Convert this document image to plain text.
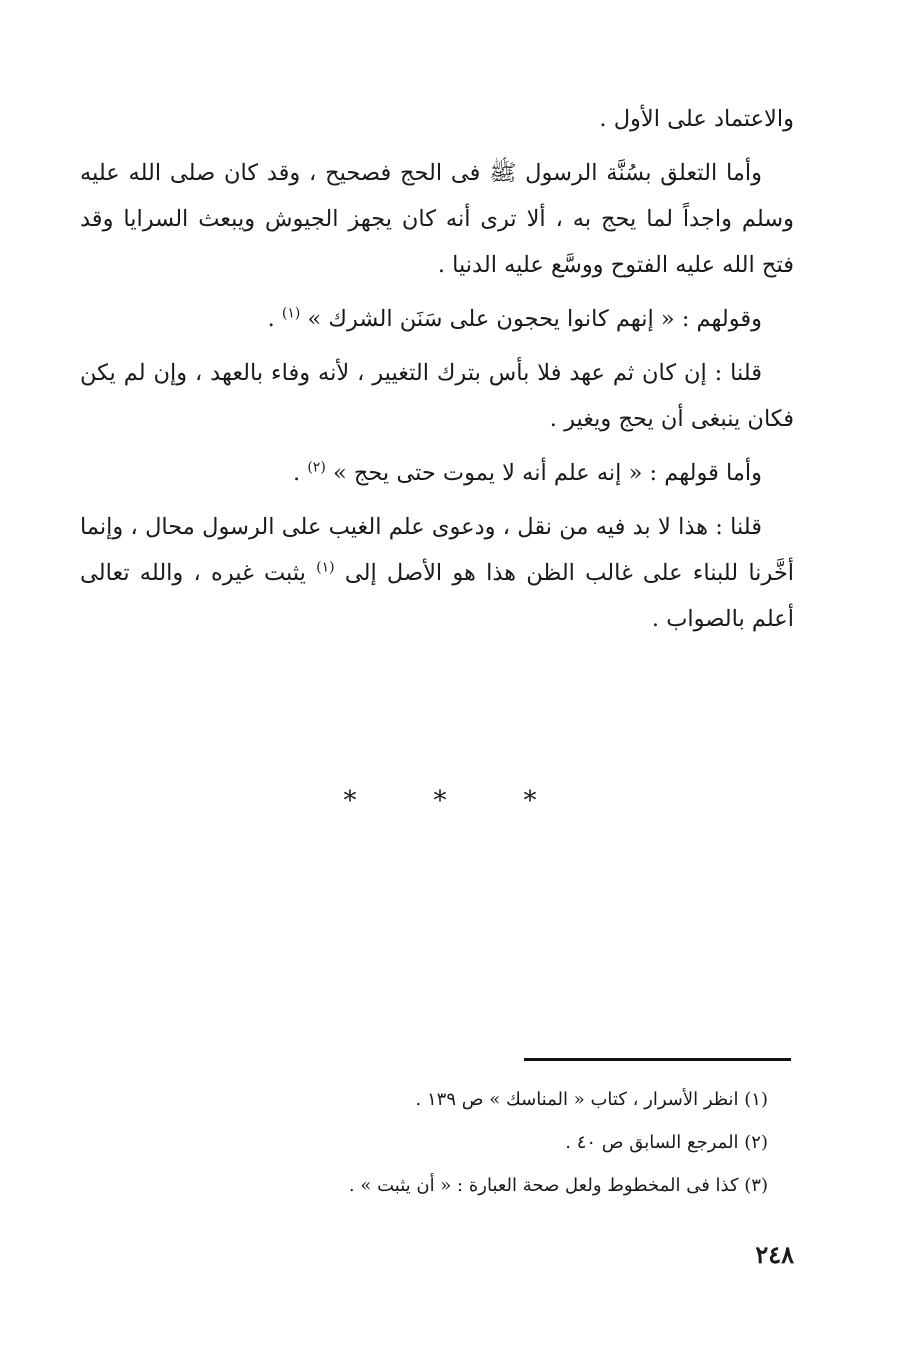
والاعتماد على الأول .

وأما التعلق بسُنَّة الرسول ﷺ فى الحج فصحيح ، وقد كان صلى الله عليه وسلم واجداً لما يحج به ، ألا ترى أنه كان يجهز الجيوش ويبعث السرايا وقد فتح الله عليه الفتوح ووسَّع عليه الدنيا .

وقولهم : « إنهم كانوا يحجون على سَنَن الشرك » $^{(١)}$ .

قلنا : إن كان ثم عهد فلا بأس بترك التغيير ، لأنه وفاء بالعهد ، وإن لم يكن فكان ينبغى أن يحج ويغير .

وأما قولهم : « إنه علم أنه لا يموت حتى يحج » $^{(٢)}$ .

قلنا : هذا لا بد فيه من نقل ، ودعوى علم الغيب على الرسول محال ، وإنما أخَّرنا للبناء على غالب الظن هذا هو الأصل إلى $^{(١)}$ يثبت غيره ، والله تعالى أعلم بالصواب .

*
*
*

(١) انظر الأسرار ، كتاب « المناسك » ص ١٣٩ .

(٢) المرجع السابق ص ٤٠ .

(٣) كذا فى المخطوط ولعل صحة العبارة : « أن يثبت » .

٢٤٨
